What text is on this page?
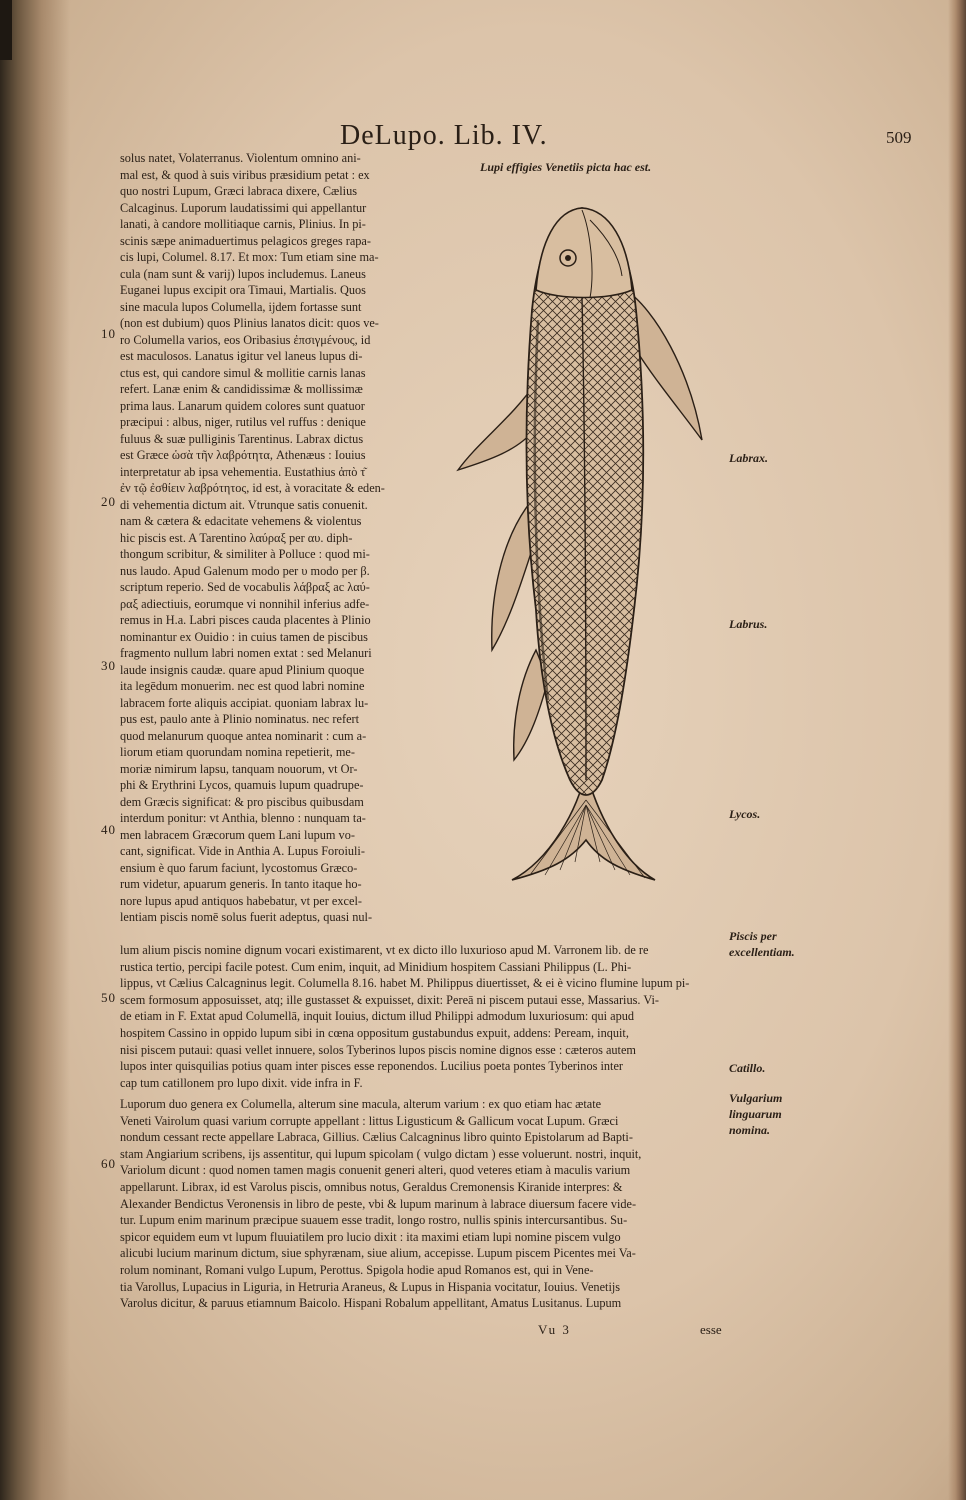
DeLupo. Lib. IV.	509
Lupi effigies Venetiis picta hac est.

solus natet, Volaterranus. Violentum omnino ani-

mal est, & quod à suis viribus præsidium petat : ex

quo nostri Lupum, Græci labraca dixere, Cælius

Calcaginus. Luporum laudatissimi qui appellantur

lanati, à candore mollitiaque carnis, Plinius. In pi-

scinis sæpe animaduertimus pelagicos greges rapa-

cis lupi, Columel. 8.17. Et mox: Tum etiam sine ma-

cula (nam sunt & varij) lupos includemus. Laneus

Euganei lupus excipit ora Timaui, Martialis. Quos

sine macula lupos Columella, ijdem fortasse sunt

(non est dubium) quos Plinius lanatos dicit: quos ve-

ro Columella varios, eos Oribasius ἐπσιγμένους, id

est maculosos. Lanatus igitur vel laneus lupus di-

ctus est, qui candore simul & mollitie carnis lanas

refert. Lanæ enim & candidissimæ & mollissimæ

prima laus. Lanarum quidem colores sunt quatuor

præcipui : albus, niger, rutilus vel ruffus : denique

fuluus & suæ pulliginis Tarentinus. Labrax dictus

est Græce ὡσὰ τῆν λαβρότητα, Athenæus : Iouius

interpretatur ab ipsa vehementia. Eustathius ἀπὸ τ͂

ἐν τῷ ἐσθίειν λαβρότητος, id est, à voracitate & eden-

di vehementia dictum ait. Vtrunque satis conuenit.

nam & cætera & edacitate vehemens & violentus

hic piscis est. A Tarentino λαύραξ per αυ. diph-

thongum scribitur, & similiter à Polluce : quod mi-

nus laudo. Apud Galenum modo per υ modo per β.

scriptum reperio. Sed de vocabulis λάβραξ ac λαύ-

ραξ adiectiuis, eorumque vi nonnihil inferius adfe-

remus in H.a. Labri pisces cauda placentes à Plinio

nominantur ex Ouidio : in cuius tamen de piscibus

fragmento nullum labri nomen extat : sed Melanuri

laude insignis caudæ. quare apud Plinium quoque

ita legēdum monuerim. nec est quod labri nomine

labracem forte aliquis accipiat. quoniam labrax lu-

pus est, paulo ante à Plinio nominatus. nec refert

quod melanurum quoque antea nominarit : cum a-

liorum etiam quorundam nomina repetierit, me-

moriæ nimirum lapsu, tanquam nouorum, vt Or-

phi & Erythrini Lycos, quamuis lupum quadrupe-

dem Græcis significat: & pro piscibus quibusdam

interdum ponitur: vt Anthia, blenno : nunquam ta-

men labracem Græcorum quem Lani lupum vo-

cant, significat. Vide in Anthia A. Lupus Foroiuli-

ensium è quo farum faciunt, lycostomus Græco-

rum videtur, apuarum generis. In tanto itaque ho-

nore lupus apud antiquos habebatur, vt per excel-

lentiam piscis nomē solus fuerit adeptus, quasi nul-

lum alium piscis nomine dignum vocari existimarent, vt ex dicto illo luxurioso apud M. Varronem lib. de re

rustica tertio, percipi facile potest. Cum enim, inquit, ad Minidium hospitem Cassiani Philippus (L. Phi-

lippus, vt Cælius Calcagninus legit. Columella 8.16. habet M. Philippus diuertisset, & ei è vicino flumine lupum pi-

scem formosum apposuisset, atq; ille gustasset & expuisset, dixit: Pereā ni piscem putaui esse, Massarius. Vi-

de etiam in F. Extat apud Columellā, inquit Iouius, dictum illud Philippi admodum luxuriosum: qui apud

hospitem Cassino in oppido lupum sibi in cœna oppositum gustabundus expuit, addens: Peream, inquit,

nisi piscem putaui: quasi vellet innuere, solos Tyberinos lupos piscis nomine dignos esse : cæteros autem

lupos inter quisquilias potius quam inter pisces esse reponendos. Lucilius poeta pontes Tyberinos inter

cap tum catillonem pro lupo dixit. vide infra in F.

Luporum duo genera ex Columella, alterum sine macula, alterum varium : ex quo etiam hac ætate

Veneti Vairolum quasi varium corrupte appellant : littus Ligusticum & Gallicum vocat Lupum. Græci

nondum cessant recte appellare Labraca, Gillius. Cælius Calcagninus libro quinto Epistolarum ad Bapti-

stam Angiarium scribens, ijs assentitur, qui lupum spicolam ( vulgo dictam ) esse voluerunt. nostri, inquit,

Variolum dicunt : quod nomen tamen magis conuenit generi alteri, quod veteres etiam à maculis varium

appellarunt. Librax, id est Varolus piscis, omnibus notus, Geraldus Cremonensis Kiranide interpres: &

Alexander Bendictus Veronensis in libro de peste, vbi & lupum marinum à labrace diuersum facere vide-

tur. Lupum enim marinum præcipue suauem esse tradit, longo rostro, nullis spinis intercursantibus. Su-

spicor equidem eum vt lupum fluuiatilem pro lucio dixit : ita maximi etiam lupi nomine piscem vulgo

alicubi lucium marinum dictum, siue sphyrænam, siue alium, accepisse. Lupum piscem Picentes mei Va-

rolum nominant, Romani vulgo Lupum, Perottus. Spigola hodie apud Romanos est, qui in Vene-

tia Varollus, Lupacius in Liguria, in Hetruria Araneus, & Lupus in Hispania vocitatur, Iouius. Venetijs

Varolus dicitur, & paruus etiamnum Baicolo. Hispani Robalum appellitant, Amatus Lusitanus. Lupum

10
20
30
40
50
60
Labrax.
Labrus.
Lycos.
Piscis per excellentiam.
Catillo.
Vulgarium linguarum nomina.
Vu 3	esse
